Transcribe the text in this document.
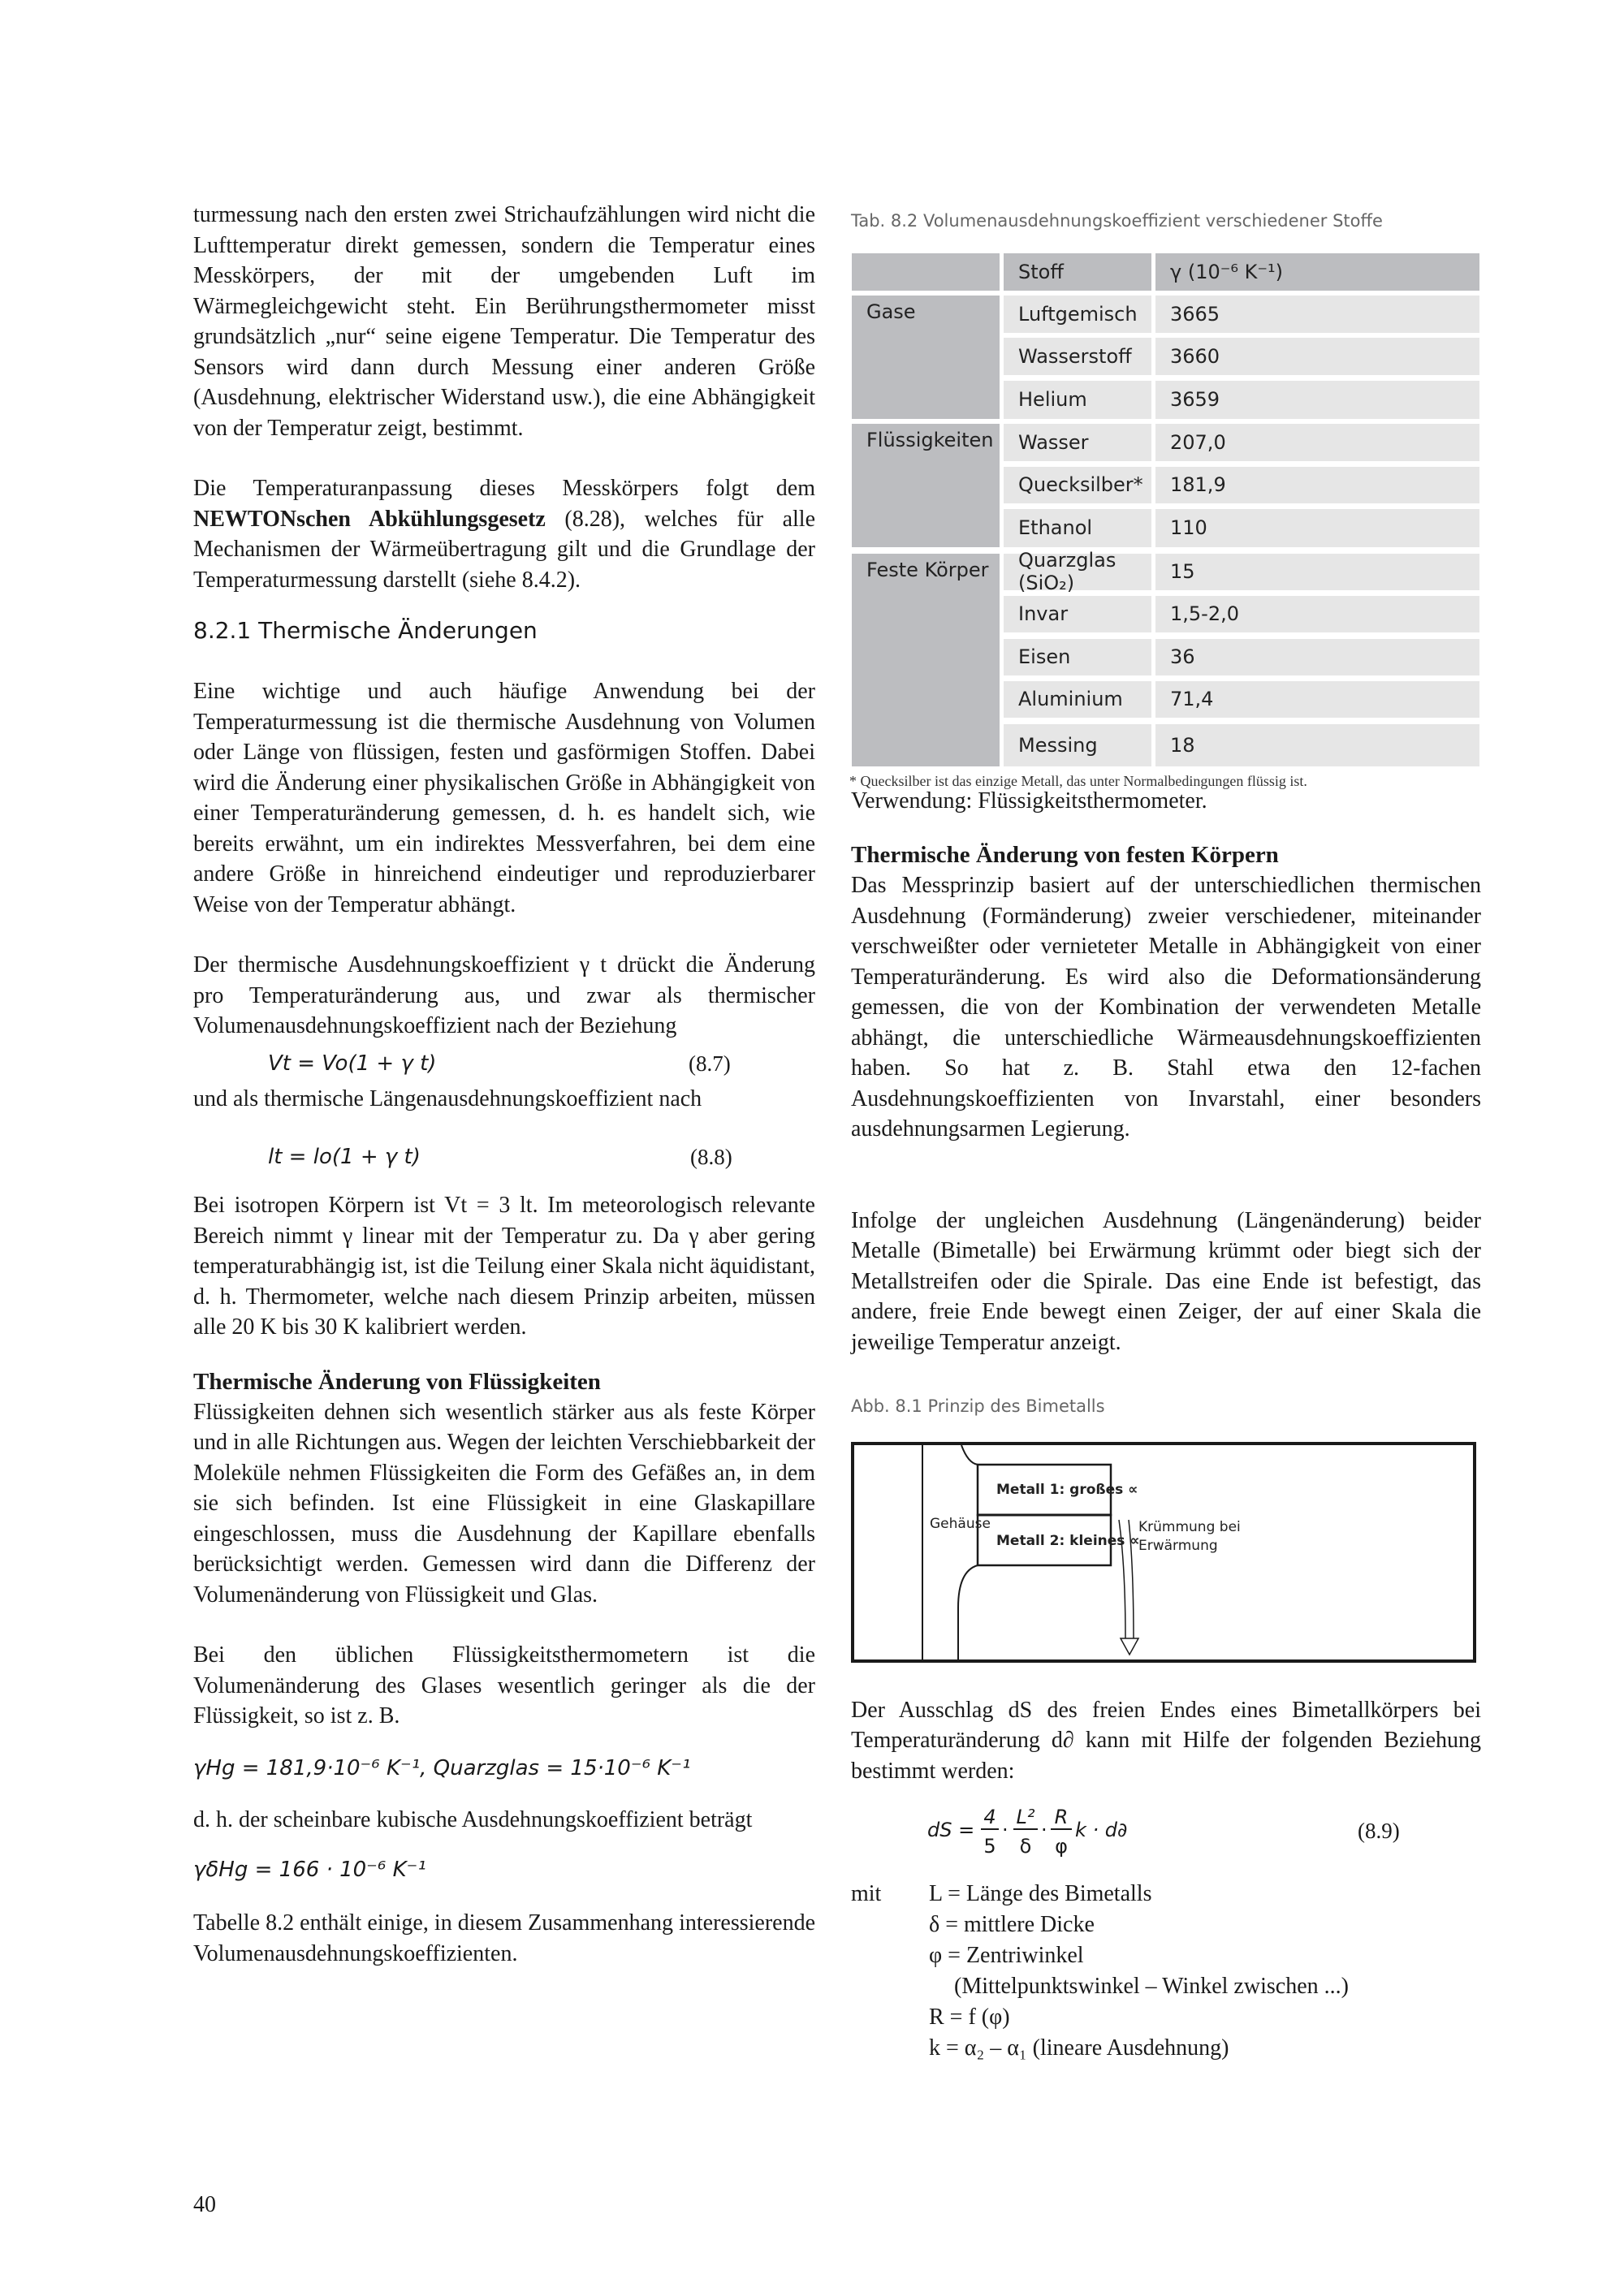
turmessung nach den ersten zwei Strichaufzählungen wird nicht die Lufttemperatur direkt gemessen, sondern die Temperatur eines Messkörpers, der mit der umgebenden Luft im Wärmegleichgewicht steht. Ein Berührungsthermometer misst grundsätzlich „nur“ seine eigene Temperatur. Die Temperatur des Sensors wird dann durch Messung einer anderen Größe (Ausdehnung, elektrischer Widerstand usw.), die eine Abhängigkeit von der Temperatur zeigt, bestimmt.

Die Temperaturanpassung dieses Messkörpers folgt dem NEWTONschen Abkühlungsgesetz (8.28), welches für alle Mechanismen der Wärmeübertragung gilt und die Grundlage der Temperaturmessung darstellt (siehe 8.4.2).

8.2.1 Thermische Änderungen

Eine wichtige und auch häufige Anwendung bei der Temperaturmessung ist die thermische Ausdehnung von Volumen oder Länge von flüssigen, festen und gasförmigen Stoffen. Dabei wird die Änderung einer physikalischen Größe in Abhängigkeit von einer Temperaturänderung gemessen, d. h. es handelt sich, wie bereits erwähnt, um ein indirektes Messverfahren, bei dem eine andere Größe in hinreichend eindeutiger und reproduzierbarer Weise von der Temperatur abhängt.

Der thermische Ausdehnungskoeffizient γ t drückt die Änderung pro Temperaturänderung aus, und zwar als thermischer Volumenausdehnungskoeffizient nach der Beziehung

Vt = Vo(1 + γ t)	(8.7)

und als thermische Längenausdehnungskoeffizient nach

lt = lo(1 + γ t)	(8.8)

Bei isotropen Körpern ist Vt = 3 lt. Im meteorologisch relevante Bereich nimmt γ linear mit der Temperatur zu. Da γ aber gering temperaturabhängig ist, ist die Teilung einer Skala nicht äquidistant, d. h. Thermometer, welche nach diesem Prinzip arbeiten, müssen alle 20 K bis 30 K kalibriert werden.

Thermische Änderung von Flüssigkeiten

Flüssigkeiten dehnen sich wesentlich stärker aus als feste Körper und in alle Richtungen aus. Wegen der leichten Verschiebbarkeit der Moleküle nehmen Flüssigkeiten die Form des Gefäßes an, in dem sie sich befinden. Ist eine Flüssigkeit in eine Glaskapillare eingeschlossen, muss die Ausdehnung der Kapillare ebenfalls berücksichtigt werden. Gemessen wird dann die Differenz der Volumenänderung von Flüssigkeit und Glas.

Bei den üblichen Flüssigkeitsthermometern ist die Volumenänderung des Glases wesentlich geringer als die der Flüssigkeit, so ist z. B.

γHg = 181,9·10⁻⁶ K⁻¹, Quarzglas = 15·10⁻⁶ K⁻¹

d. h. der scheinbare kubische Ausdehnungskoeffizient beträgt

γδHg = 166 · 10⁻⁶ K⁻¹

Tabelle 8.2 enthält einige, in diesem Zusammenhang interessierende Volumenausdehnungskoeffizienten.

Tab. 8.2 Volumenausdehnungskoeffizient verschiedener Stoffe

Stoff	γ (10⁻⁶ K⁻¹)
Gase	Luftgemisch	3665
Wasserstoff	3660
Helium	3659
Flüssigkeiten	Wasser	207,0
Quecksilber*	181,9
Ethanol	110
Feste Körper	Quarzglas (SiO₂)	15
Invar	1,5-2,0
Eisen	36
Aluminium	71,4
Messing	18

* Quecksilber ist das einzige Metall, das unter Normalbedingungen flüssig ist.

Verwendung: Flüssigkeitsthermometer.

Thermische Änderung von festen Körpern

Das Messprinzip basiert auf der unterschiedlichen thermischen Ausdehnung (Formänderung) zweier verschiedener, miteinander verschweißter oder vernieteter Metalle in Abhängigkeit von einer Temperaturänderung. Es wird also die Deformationsänderung gemessen, die von der Kombination der verwendeten Metalle abhängt, die unterschiedliche Wärmeausdehnungskoeffizienten haben. So hat z. B. Stahl etwa den 12-fachen Ausdehnungskoeffizienten von Invarstahl, einer besonders ausdehnungsarmen Legierung.

Infolge der ungleichen Ausdehnung (Längenänderung) beider Metalle (Bimetalle) bei Erwärmung krümmt oder biegt sich der Metallstreifen oder die Spirale. Das eine Ende ist befestigt, das andere, freie Ende bewegt einen Zeiger, der auf einer Skala die jeweilige Temperatur anzeigt.

Abb. 8.1 Prinzip des Bimetalls

Gehäuse
Metall 1: großes ∝
Metall 2: kleines ∝
Krümmung bei
Erwärmung

Der Ausschlag dS des freien Endes eines Bimetallkörpers bei Temperaturänderung d∂ kann mit Hilfe der folgenden Beziehung bestimmt werden:

dS =
4
5
·
L²
δ
·
R
φ
k · d∂	(8.9)
mit	L = Länge des Bimetalls
δ = mittlere Dicke
φ = Zentriwinkel
(Mittelpunktswinkel – Winkel zwischen ...)
R = f (φ)
k = α₂ – α₁ (lineare Ausdehnung)
40
